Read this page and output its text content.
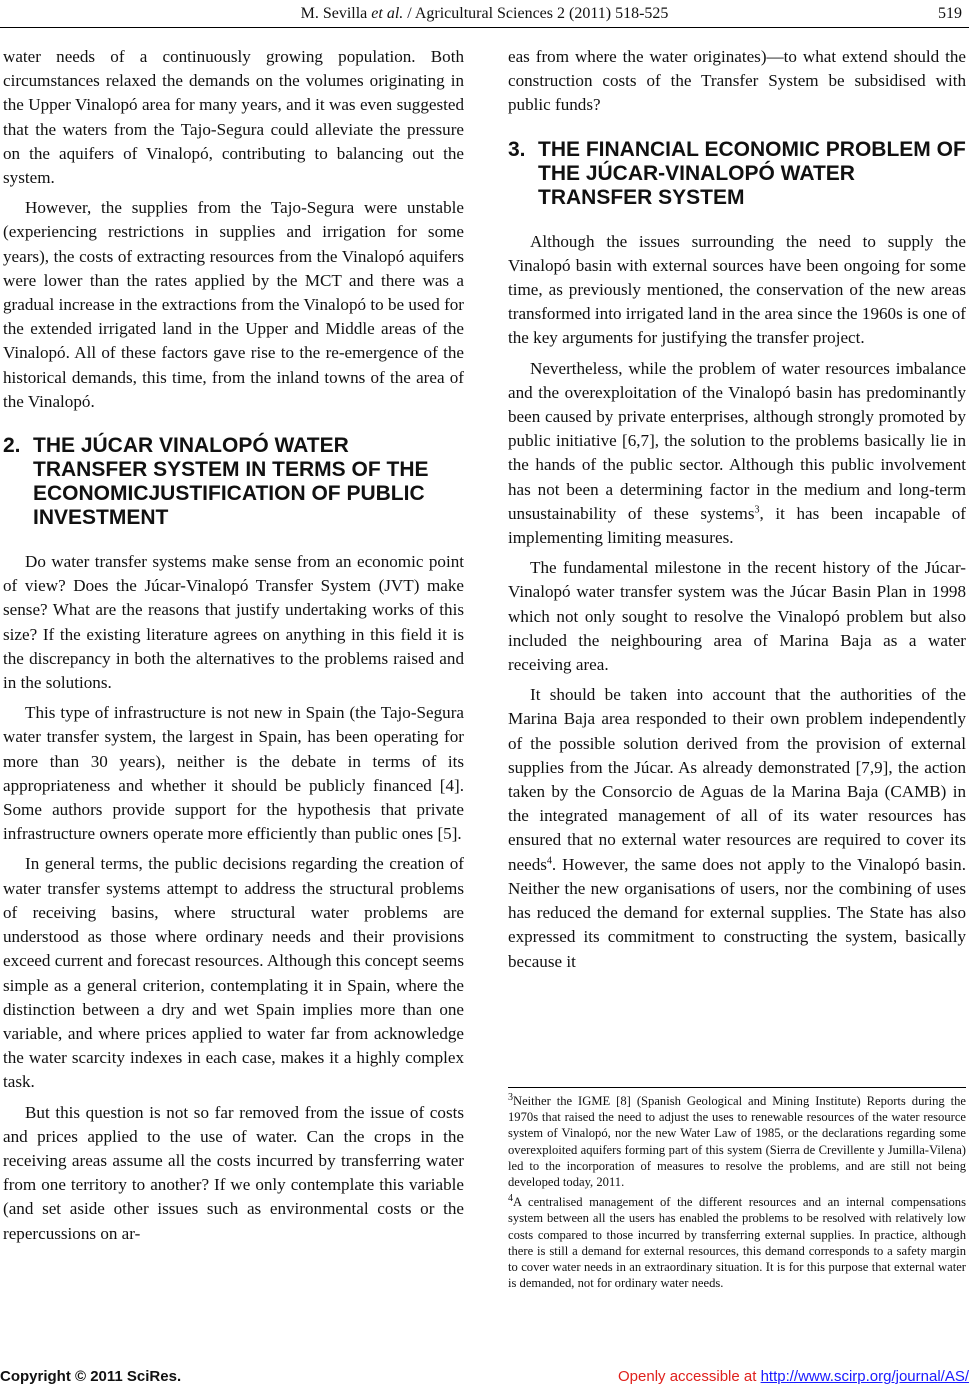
M. Sevilla et al. / Agricultural Sciences 2 (2011) 518-525	519

water needs of a continuously growing population. Both circumstances relaxed the demands on the volumes originating in the Upper Vinalopó area for many years, and it was even suggested that the waters from the Tajo-Segura could alleviate the pressure on the aquifers of Vinalopó, contributing to balancing out the system.

However, the supplies from the Tajo-Segura were unstable (experiencing restrictions in supplies and irrigation for some years), the costs of extracting resources from the Vinalopó aquifers were lower than the rates applied by the MCT and there was a gradual increase in the extractions from the Vinalopó to be used for the extended irrigated land in the Upper and Middle areas of the Vinalopó. All of these factors gave rise to the re-emergence of the historical demands, this time, from the inland towns of the area of the Vinalopó.

2. THE JÚCAR VINALOPÓ WATER TRANSFER SYSTEM IN TERMS OF THE ECONOMICJUSTIFICATION OF PUBLIC INVESTMENT

Do water transfer systems make sense from an economic point of view? Does the Júcar-Vinalopó Transfer System (JVT) make sense? What are the reasons that justify undertaking works of this size? If the existing literature agrees on anything in this field it is the discrepancy in both the alternatives to the problems raised and in the solutions.

This type of infrastructure is not new in Spain (the Tajo-Segura water transfer system, the largest in Spain, has been operating for more than 30 years), neither is the debate in terms of its appropriateness and whether it should be publicly financed [4]. Some authors provide support for the hypothesis that private infrastructure owners operate more efficiently than public ones [5].

In general terms, the public decisions regarding the creation of water transfer systems attempt to address the structural problems of receiving basins, where structural water problems are understood as those where ordinary needs and their provisions exceed current and forecast resources. Although this concept seems simple as a general criterion, contemplating it in Spain, where the distinction between a dry and wet Spain implies more than one variable, and where prices applied to water far from acknowledge the water scarcity indexes in each case, makes it a highly complex task.

But this question is not so far removed from the issue of costs and prices applied to the use of water. Can the crops in the receiving areas assume all the costs incurred by transferring water from one territory to another? If we only contemplate this variable (and set aside other issues such as environmental costs or the repercussions on ar-

eas from where the water originates)—to what extend should the construction costs of the Transfer System be subsidised with public funds?

3. THE FINANCIAL ECONOMIC PROBLEM OF THE JÚCAR-VINALOPÓ WATER TRANSFER SYSTEM

Although the issues surrounding the need to supply the Vinalopó basin with external sources have been ongoing for some time, as previously mentioned, the conservation of the new areas transformed into irrigated land in the area since the 1960s is one of the key arguments for justifying the transfer project.

Nevertheless, while the problem of water resources imbalance and the overexploitation of the Vinalopó basin has predominantly been caused by private enterprises, although strongly promoted by public initiative [6,7], the solution to the problems basically lie in the hands of the public sector. Although this public involvement has not been a determining factor in the medium and long-term unsustainability of these systems$^3$, it has been incapable of implementing limiting measures.

The fundamental milestone in the recent history of the Júcar-Vinalopó water transfer system was the Júcar Basin Plan in 1998 which not only sought to resolve the Vinalopó problem but also included the neighbouring area of Marina Baja as a water receiving area.

It should be taken into account that the authorities of the Marina Baja area responded to their own problem independently of the possible solution derived from the provision of external supplies from the Júcar. As already demonstrated [7,9], the action taken by the Consorcio de Aguas de la Marina Baja (CAMB) in the integrated management of all of its water resources has ensured that no external water resources are required to cover its needs$^4$. However, the same does not apply to the Vinalopó basin. Neither the new organisations of users, nor the combining of uses has reduced the demand for external supplies. The State has also expressed its commitment to constructing the system, basically because it

$^3$Neither the IGME [8] (Spanish Geological and Mining Institute) Reports during the 1970s that raised the need to adjust the uses to renewable resources of the water resource system of Vinalopó, nor the new Water Law of 1985, or the declarations regarding some overexploited aquifers forming part of this system (Sierra de Crevillente y Jumilla-Vilena) led to the incorporation of measures to resolve the problems, and are still not being developed today, 2011.

$^4$A centralised management of the different resources and an internal compensations system between all the users has enabled the problems to be resolved with relatively low costs compared to those incurred by transferring external supplies. In practice, although there is still a demand for external resources, this demand corresponds to a safety margin to cover water needs in an extraordinary situation. It is for this purpose that external water is demanded, not for ordinary water needs.

Copyright © 2011 SciRes.	Openly accessible at http://www.scirp.org/journal/AS/
